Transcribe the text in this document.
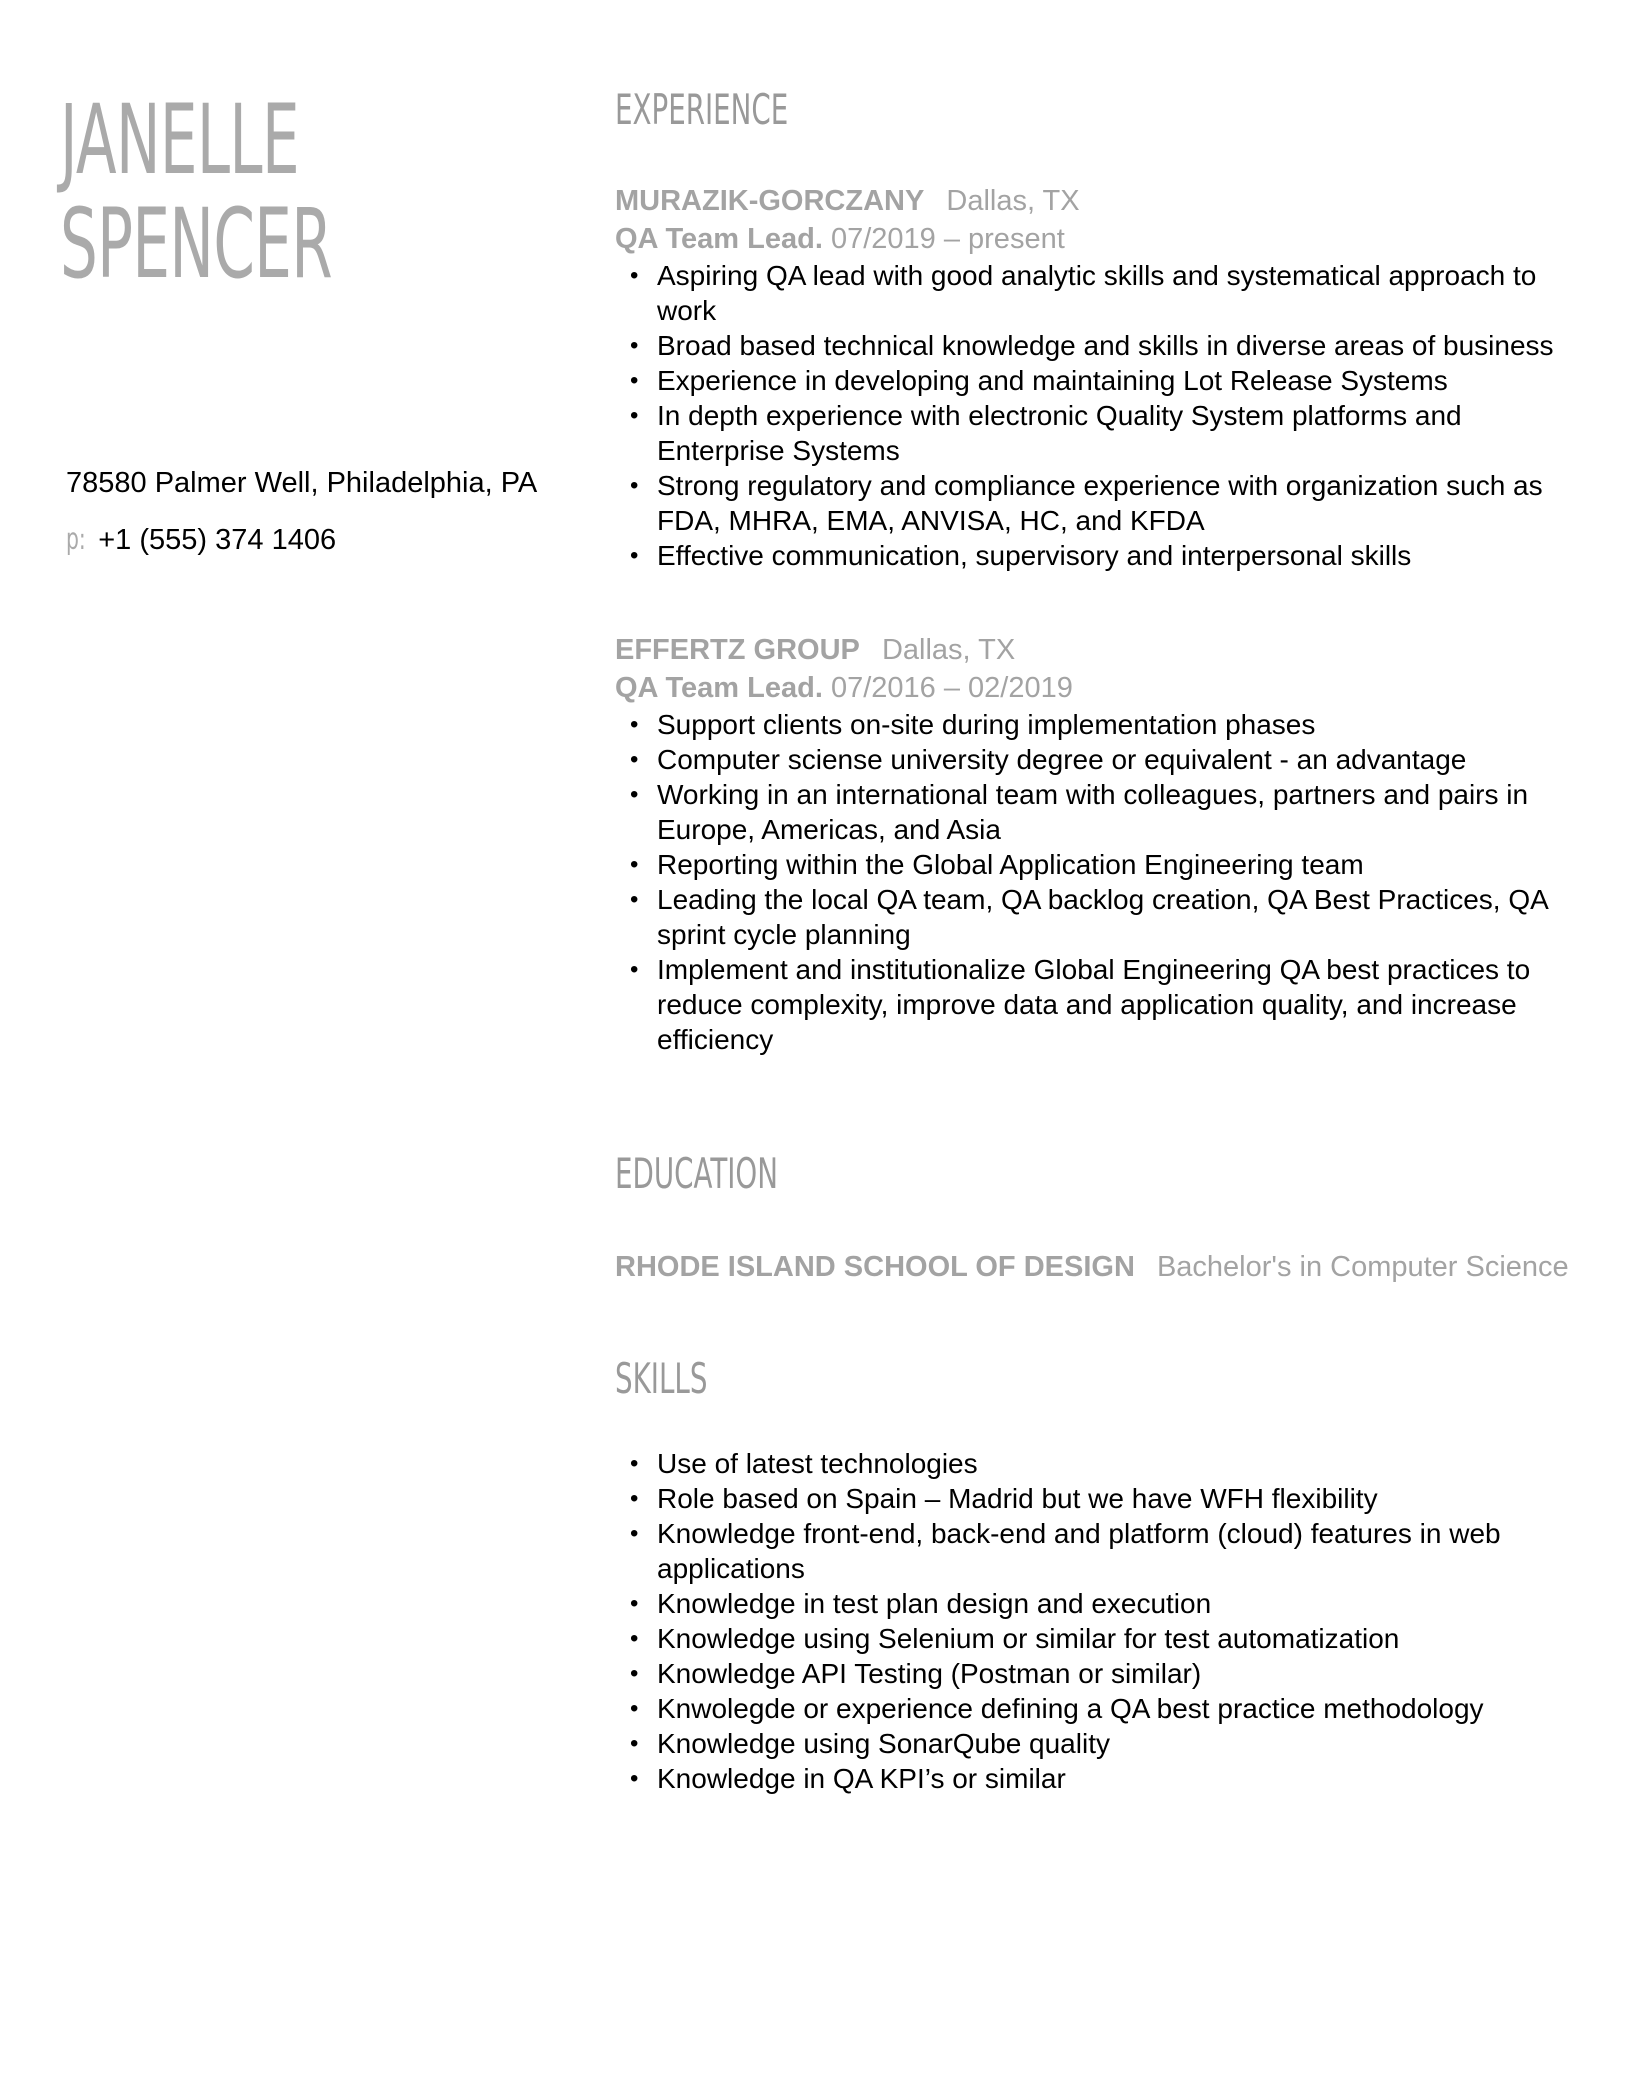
JANELLE
SPENCER
78580 Palmer Well, Philadelphia, PA
p: +1 (555) 374 1406
EXPERIENCE
MURAZIK-GORCZANY Dallas, TX
QA Team Lead. 07/2019 – present
• Aspiring QA lead with good analytic skills and systematical approach to work
• Broad based technical knowledge and skills in diverse areas of business
• Experience in developing and maintaining Lot Release Systems
• In depth experience with electronic Quality System platforms and Enterprise Systems
• Strong regulatory and compliance experience with organization such as FDA, MHRA, EMA, ANVISA, HC, and KFDA
• Effective communication, supervisory and interpersonal skills
EFFERTZ GROUP Dallas, TX
QA Team Lead. 07/2016 – 02/2019
• Support clients on-site during implementation phases
• Computer sciense university degree or equivalent - an advantage
• Working in an international team with colleagues, partners and pairs in Europe, Americas, and Asia
• Reporting within the Global Application Engineering team
• Leading the local QA team, QA backlog creation, QA Best Practices, QA sprint cycle planning
• Implement and institutionalize Global Engineering QA best practices to reduce complexity, improve data and application quality, and increase efficiency
EDUCATION
RHODE ISLAND SCHOOL OF DESIGN Bachelor's in Computer Science
SKILLS
• Use of latest technologies
• Role based on Spain – Madrid but we have WFH flexibility
• Knowledge front-end, back-end and platform (cloud) features in web applications
• Knowledge in test plan design and execution
• Knowledge using Selenium or similar for test automatization
• Knowledge API Testing (Postman or similar)
• Knwolegde or experience defining a QA best practice methodology
• Knowledge using SonarQube quality
• Knowledge in QA KPI’s or similar
